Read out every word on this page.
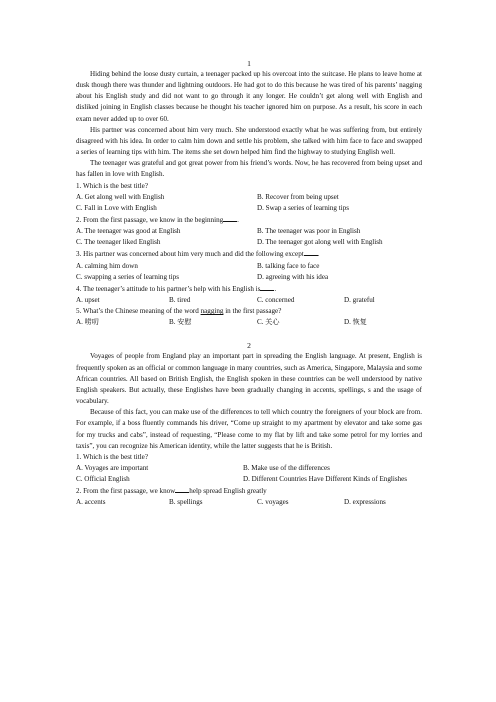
1

Hiding behind the loose dusty curtain, a teenager packed up his overcoat into the suitcase. He plans to leave home at dusk though there was thunder and lightning outdoors. He had got to do this because he was tired of his parents’ nagging about his English study and did not want to go through it any longer. He couldn’t get along well with English and disliked joining in English classes because he thought his teacher ignored him on purpose. As a result, his score in each exam never added up to over 60.

His partner was concerned about him very much. She understood exactly what he was suffering from, but entirely disagreed with his idea. In order to calm him down and settle his problem, she talked with him face to face and swapped a series of learning tips with him. The items she set down helped him find the highway to studying English well.

The teenager was grateful and got great power from his friend’s words. Now, he has recovered from being upset and has fallen in love with English.

1. Which is the best title?

A. Get along well with English	B. Recover from being upset
C. Fall in Love with English	D. Swap a series of learning tips

2. From the first passage, we know in the beginning .

A. The teenager was good at English	B. The teenager was poor in English
C. The teenager liked English	D. The teenager got along well with English

3. His partner was concerned about him very much and did the following except .

A. calming him down	B. talking face to face
C. swapping a series of learning tips	D. agreeing with his idea

4. The teenager’s attitude to his partner’s help with his English is .

A. upset	B. tired	C. concerned	D. grateful

5. What’s the Chinese meaning of the word nagging in the first passage?

A. 唠叨	B. 安慰	C. 关心	D. 恢复

2

Voyages of people from England play an important part in spreading the English language. At present, English is frequently spoken as an official or common language in many countries, such as America, Singapore, Malaysia and some African countries. All based on British English, the English spoken in these countries can be well understood by native English speakers. But actually, these Englishes have been gradually changing in accents, spellings, s and the usage of vocabulary.

Because of this fact, you can make use of the differences to tell which country the foreigners of your block are from. For example, if a boss fluently commands his driver, “Come up straight to my apartment by elevator and take some gas for my trucks and cabs”, instead of requesting, “Please come to my flat by lift and take some petrol for my lorries and taxis”, you can recognize his American identity, while the latter suggests that he is British.

1. Which is the best title?

A. Voyages are important	B. Make use of the differences
C. Official English	D. Different Countries Have Different Kinds of Englishes

2. From the first passage, we know help spread English greatly

A. accents	B. spellings	C. voyages	D. expressions
